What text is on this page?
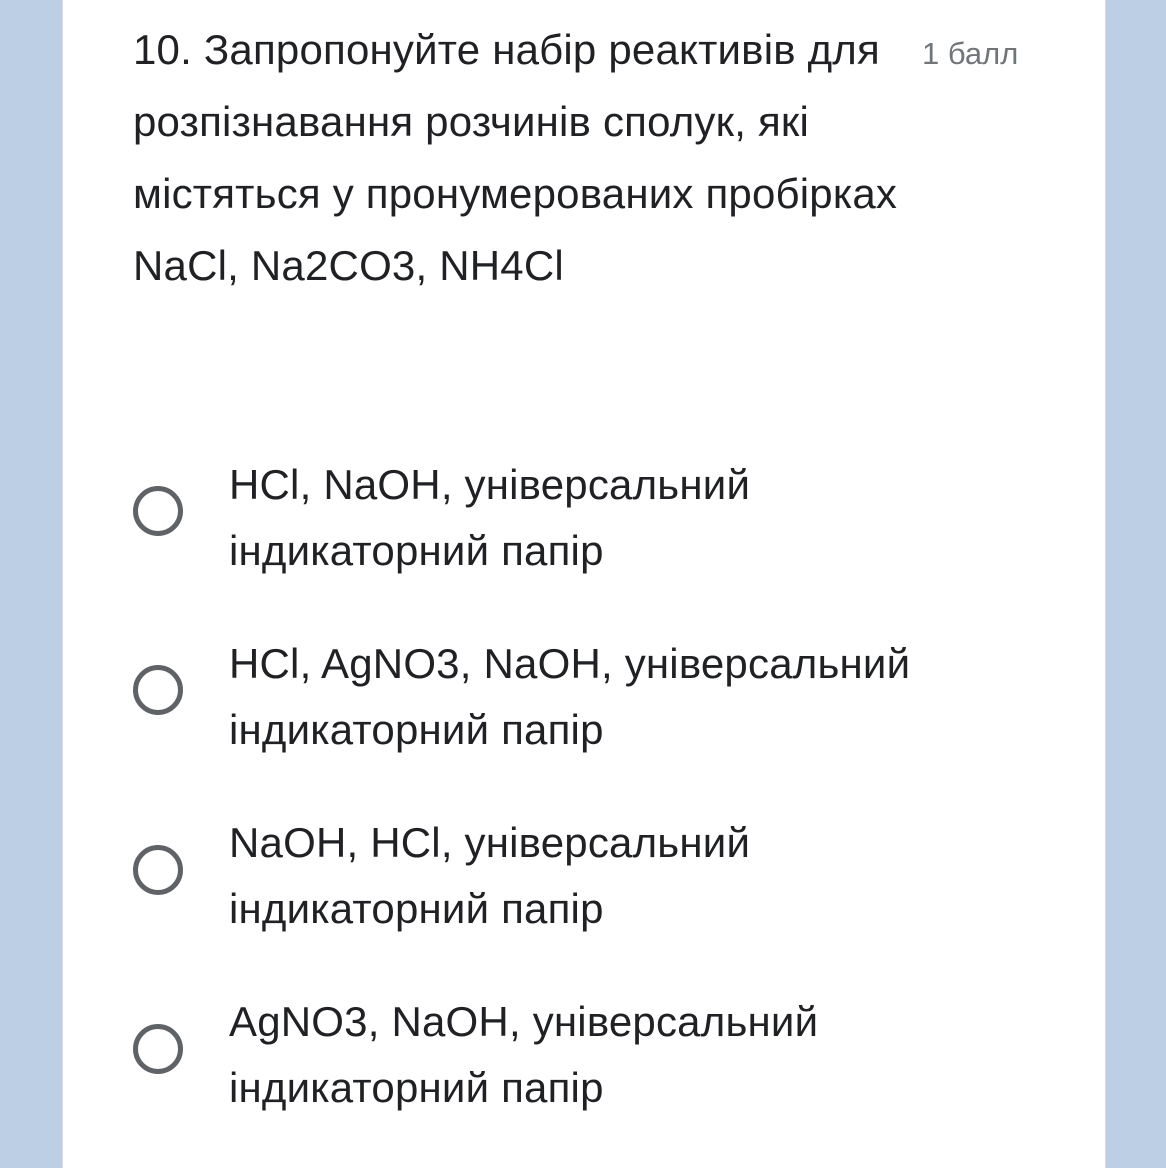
10. Запропонуйте набір реактивів для розпізнавання розчинів сполук, які містяться у пронумерованих пробірках NaCl, Na2CO3, NH4Cl
1 балл
HCl, NaOH, універсальний індикаторний папір
HCl, AgNO3, NaOH, універсальний індикаторний папір
NaOH, HCl, універсальний індикаторний папір
AgNO3, NaOH, універсальний індикаторний папір
